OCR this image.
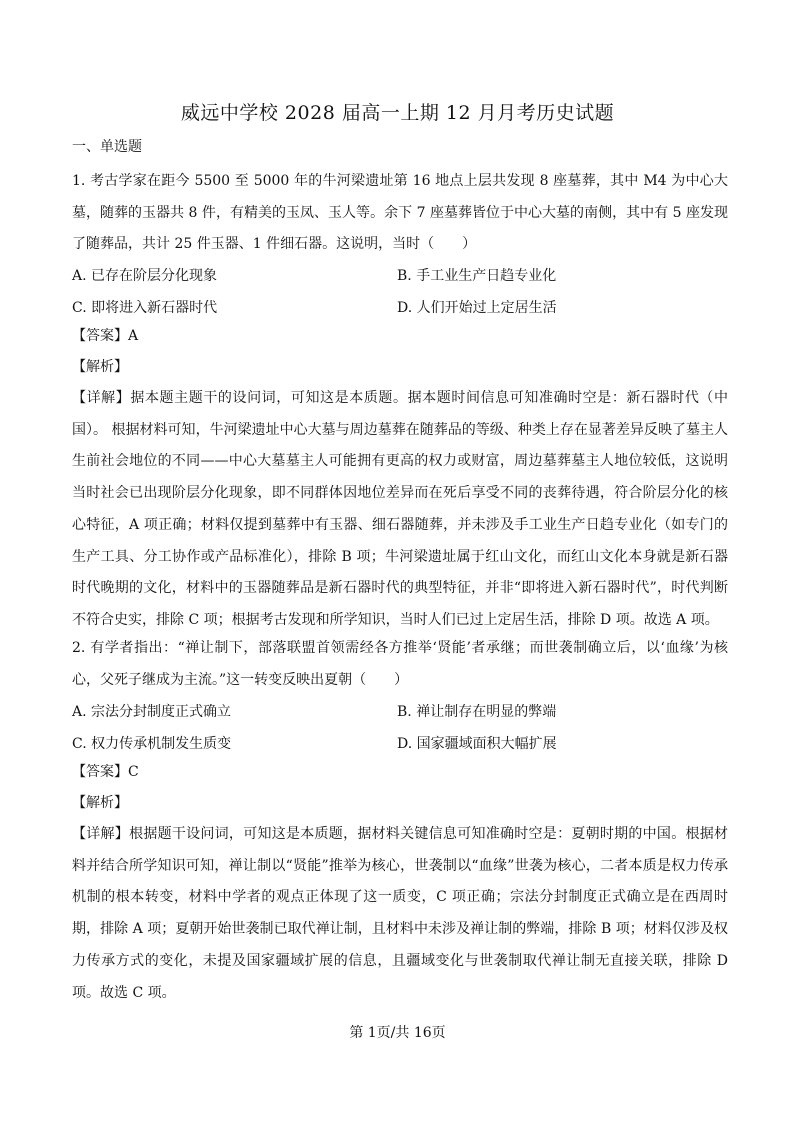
威远中学校 2028 届高一上期 12 月月考历史试题
一、单选题
1. 考古学家在距今 5500 至 5000 年的牛河梁遗址第 16 地点上层共发现 8 座墓葬，其中 M4 为中心大墓，随葬的玉器共 8 件，有精美的玉凤、玉人等。余下 7 座墓葬皆位于中心大墓的南侧，其中有 5 座发现了随葬品，共计 25 件玉器、1 件细石器。这说明，当时（　　）
A. 已存在阶层分化现象	B. 手工业生产日趋专业化
C. 即将进入新石器时代	D. 人们开始过上定居生活
【答案】A
【解析】
【详解】据本题主题干的设问词，可知这是本质题。据本题时间信息可知准确时空是：新石器时代（中国）。 根据材料可知，牛河梁遗址中心大墓与周边墓葬在随葬品的等级、种类上存在显著差异反映了墓主人生前社会地位的不同——中心大墓墓主人可能拥有更高的权力或财富，周边墓葬墓主人地位较低，这说明当时社会已出现阶层分化现象，即不同群体因地位差异而在死后享受不同的丧葬待遇，符合阶层分化的核心特征，A 项正确；材料仅提到墓葬中有玉器、细石器随葬，并未涉及手工业生产日趋专业化（如专门的生产工具、分工协作或产品标准化），排除 B 项；牛河梁遗址属于红山文化，而红山文化本身就是新石器时代晚期的文化，材料中的玉器随葬品是新石器时代的典型特征，并非“即将进入新石器时代”，时代判断不符合史实，排除 C 项；根据考古发现和所学知识，当时人们已过上定居生活，排除 D 项。故选 A 项。
2. 有学者指出：“禅让制下，部落联盟首领需经各方推举‘贤能’者承继；而世袭制确立后，以‘血缘’为核心，父死子继成为主流。”这一转变反映出夏朝（　　）
A. 宗法分封制度正式确立	B. 禅让制存在明显的弊端
C. 权力传承机制发生质变	D. 国家疆域面积大幅扩展
【答案】C
【解析】
【详解】根据题干设问词，可知这是本质题，据材料关键信息可知准确时空是：夏朝时期的中国。根据材料并结合所学知识可知，禅让制以“贤能”推举为核心，世袭制以“血缘”世袭为核心，二者本质是权力传承机制的根本转变，材料中学者的观点正体现了这一质变，C 项正确；宗法分封制度正式确立是在西周时期，排除 A 项；夏朝开始世袭制已取代禅让制，且材料中未涉及禅让制的弊端，排除 B 项；材料仅涉及权力传承方式的变化，未提及国家疆域扩展的信息，且疆域变化与世袭制取代禅让制无直接关联，排除 D 项。故选 C 项。
第 1页/共 16页
